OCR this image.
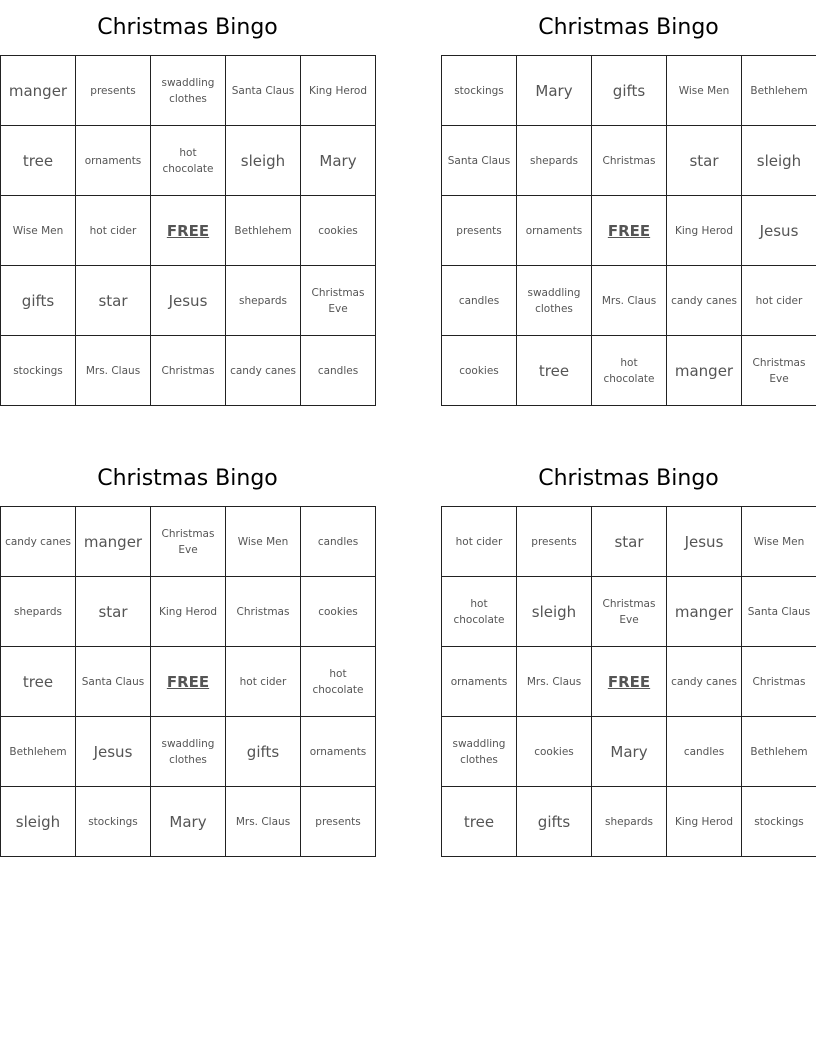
Christmas Bingo
manger	presents	swaddling clothes	Santa Claus	King Herod
tree	ornaments	hot chocolate	sleigh	Mary
Wise Men	hot cider	FREE	Bethlehem	cookies
gifts	star	Jesus	shepards	Christmas Eve
stockings	Mrs. Claus	Christmas	candy canes	candles
Christmas Bingo
stockings	Mary	gifts	Wise Men	Bethlehem
Santa Claus	shepards	Christmas	star	sleigh
presents	ornaments	FREE	King Herod	Jesus
candles	swaddling clothes	Mrs. Claus	candy canes	hot cider
cookies	tree	hot chocolate	manger	Christmas Eve
Christmas Bingo
candy canes	manger	Christmas Eve	Wise Men	candles
shepards	star	King Herod	Christmas	cookies
tree	Santa Claus	FREE	hot cider	hot chocolate
Bethlehem	Jesus	swaddling clothes	gifts	ornaments
sleigh	stockings	Mary	Mrs. Claus	presents
Christmas Bingo
hot cider	presents	star	Jesus	Wise Men
hot chocolate	sleigh	Christmas Eve	manger	Santa Claus
ornaments	Mrs. Claus	FREE	candy canes	Christmas
swaddling clothes	cookies	Mary	candles	Bethlehem
tree	gifts	shepards	King Herod	stockings
